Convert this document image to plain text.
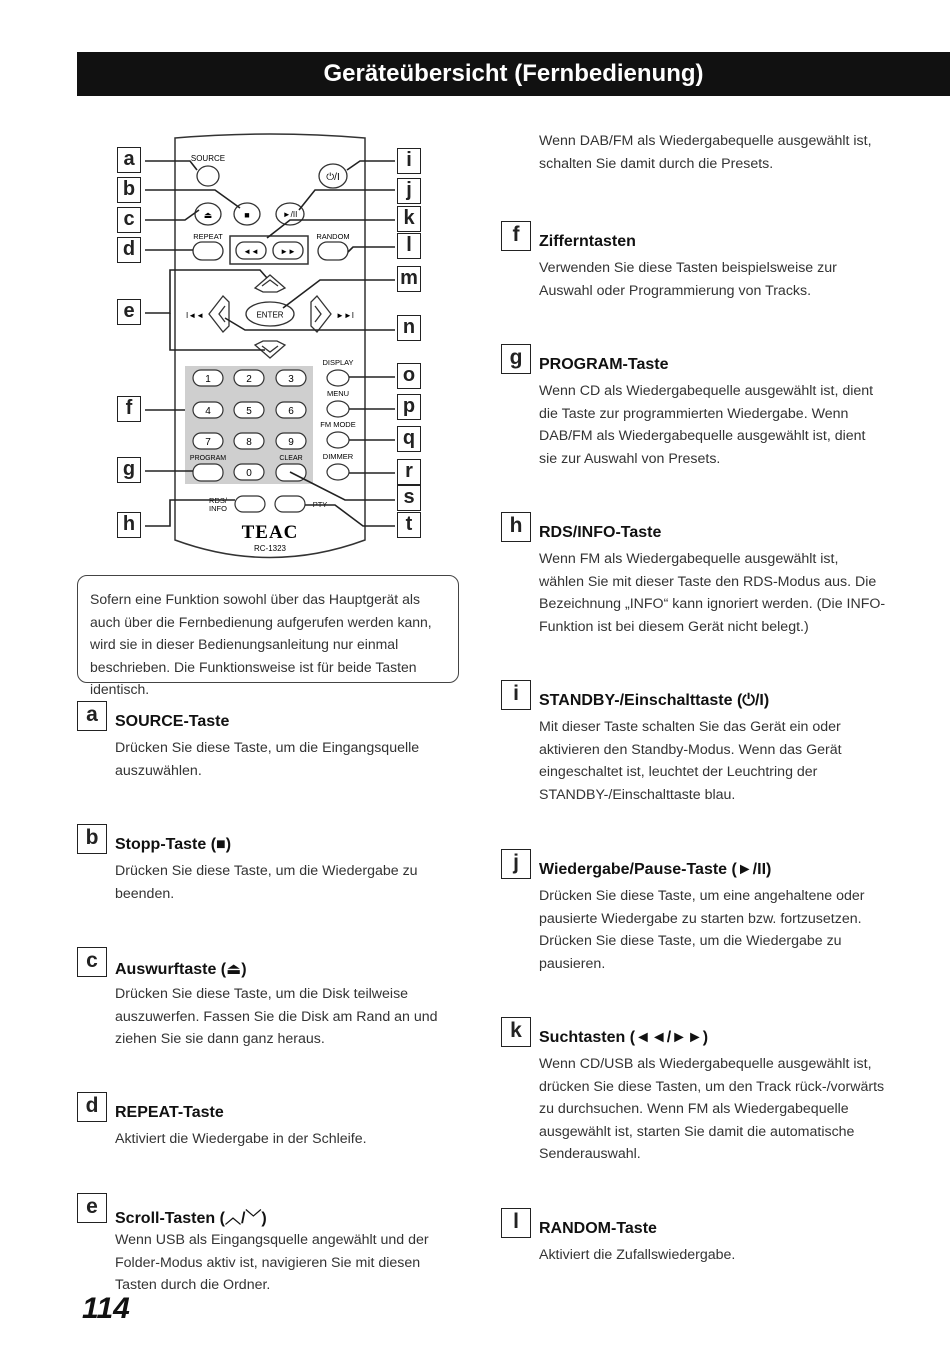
Geräteübersicht (Fernbedienung)
SOURCE
⏻/I
⏏	■	►/II
REPEAT
◄◄	►►
RANDOM
ENTER
I◄◄	►►I
1	2	3
4	5	6
7	8	9
0
PROGRAM	CLEAR
DISPLAY
MENU
FM MODE
DIMMER
RDS/
INFO	PTY
TEAC
RC-1323
a
b
c
d
e
f
g
h
i
j
k
l
m
n
o
p
q
r
s
t
Sofern eine Funktion sowohl über das Hauptgerät als auch über die Fernbedienung aufgerufen werden kann, wird sie in dieser Bedienungsanleitung nur einmal beschrieben. Die Funktionsweise ist für beide Tasten identisch.
Wenn DAB/FM als Wiedergabequelle ausgewählt ist, schalten Sie damit durch die Presets.
a	SOURCE-Taste
Drücken Sie diese Taste, um die Eingangsquelle auszuwählen.
b	Stopp-Taste (■)
Drücken Sie diese Taste, um die Wiedergabe zu beenden.
c	Auswurftaste (⏏)
Drücken Sie diese Taste, um die Disk teilweise auszuwerfen. Fassen Sie die Disk am Rand an und ziehen Sie sie dann ganz heraus.
d	REPEAT-Taste
Aktiviert die Wiedergabe in der Schleife.
e
Scroll-Tasten (︿/﹀)
Wenn USB als Eingangsquelle angewählt und der Folder-Modus aktiv ist, navigieren Sie mit diesen Tasten durch die Ordner.
f	Zifferntasten
Verwenden Sie diese Tasten beispielsweise zur Auswahl oder Programmierung von Tracks.
g	PROGRAM-Taste
Wenn CD als Wiedergabequelle ausgewählt ist, dient die Taste zur programmierten Wiedergabe. Wenn DAB/FM als Wiedergabequelle ausgewählt ist, dient sie zur Auswahl von Presets.
h	RDS/INFO-Taste
Wenn FM als Wiedergabequelle ausgewählt ist, wählen Sie mit dieser Taste den RDS-Modus aus. Die Bezeichnung „INFO“ kann ignoriert werden. (Die INFO-Funktion ist bei diesem Gerät nicht belegt.)
i	STANDBY-/Einschalttaste (⏻/I)
Mit dieser Taste schalten Sie das Gerät ein oder aktivieren den Standby-Modus. Wenn das Gerät eingeschaltet ist, leuchtet der Leuchtring der STANDBY-/Einschalttaste blau.
j	Wiedergabe/Pause-Taste (►/II)
Drücken Sie diese Taste, um eine angehaltene oder pausierte Wiedergabe zu starten bzw. fortzusetzen. Drücken Sie diese Taste, um die Wiedergabe zu pausieren.
k	Suchtasten (◄◄/►►)
Wenn CD/USB als Wiedergabequelle ausgewählt ist, drücken Sie diese Tasten, um den Track rück-/vorwärts zu durchsuchen. Wenn FM als Wiedergabequelle ausgewählt ist, starten Sie damit die automatische Senderauswahl.
l	RANDOM-Taste
Aktiviert die Zufallswiedergabe.
114
